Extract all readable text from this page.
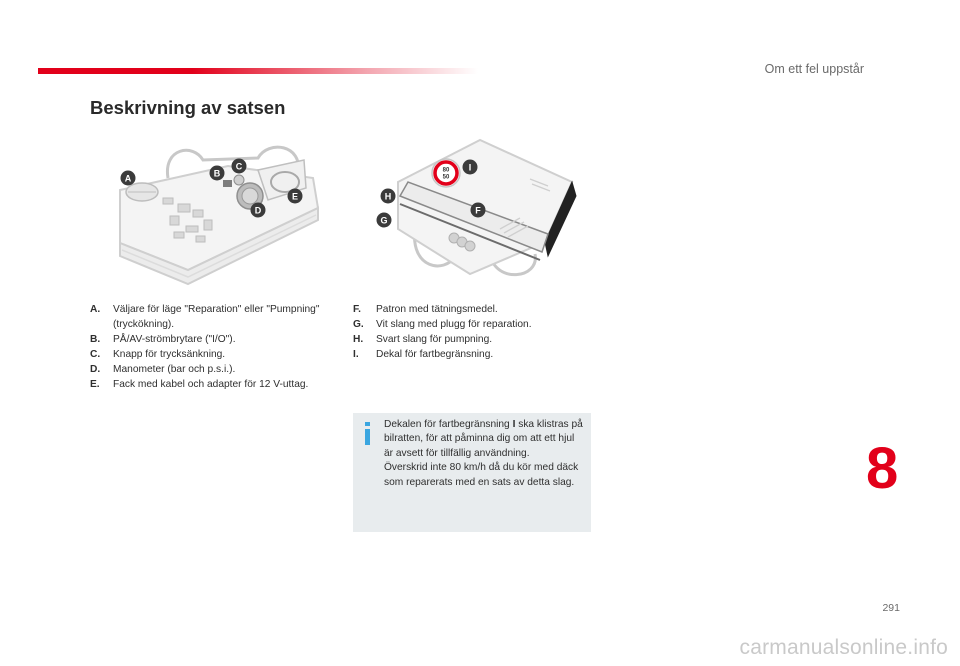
Om ett fel uppstår
Beskrivning av satsen
A	B
C
D
E
80
50
I
H
F
G
A.	Väljare för läge "Reparation" eller "Pumpning" (tryckökning).
B.	PÅ/AV-strömbrytare ("I/O").
C.	Knapp för trycksänkning.
D.	Manometer (bar och p.s.i.).
E.	Fack med kabel och adapter för 12 V-uttag.
F.	Patron med tätningsmedel.
G.	Vit slang med plugg för reparation.
H.	Svart slang för pumpning.
I.	Dekal för fartbegränsning.
Dekalen för fartbegränsning I ska klistras på bilratten, för att påminna dig om att ett hjul är avsett för tillfällig användning.
Överskrid inte 80 km/h då du kör med däck som reparerats med en sats av detta slag.	8
291
carmanualsonline.info
